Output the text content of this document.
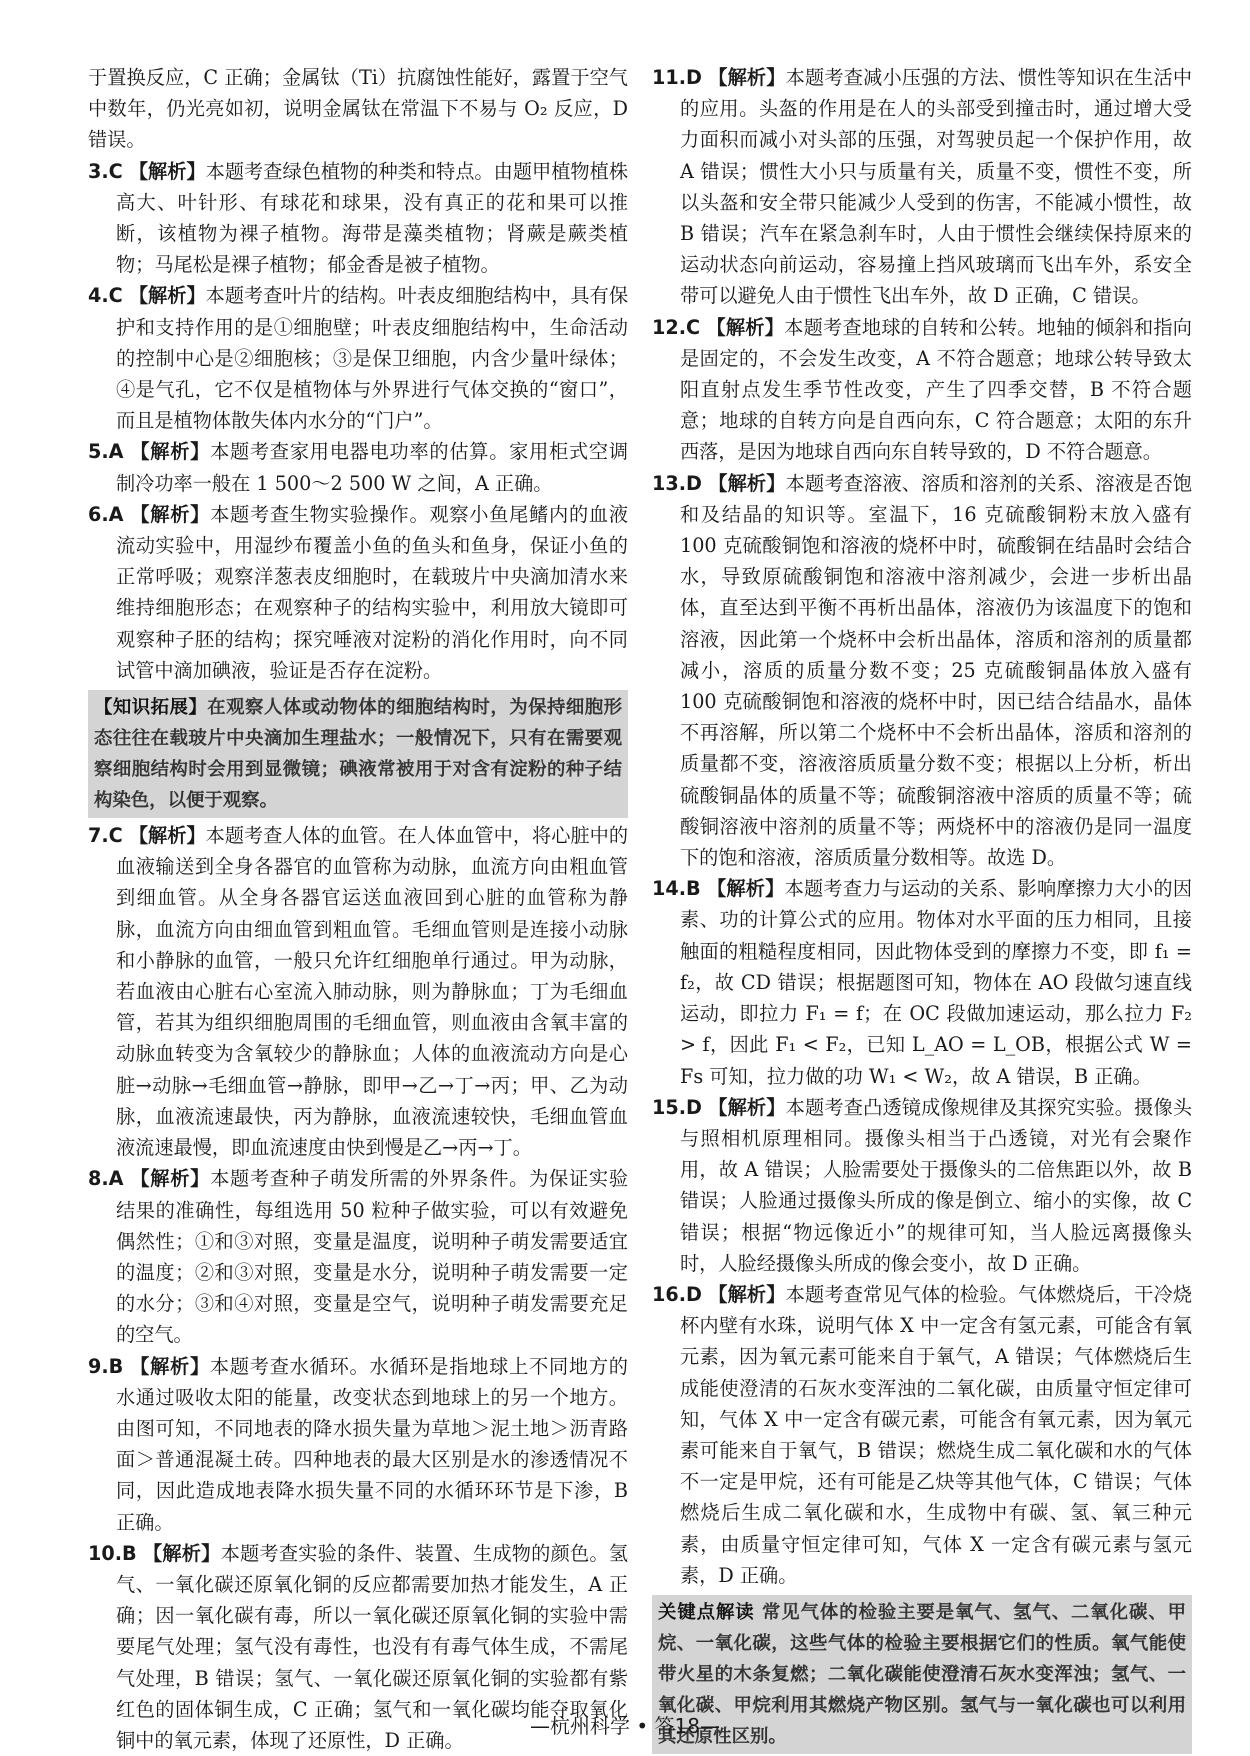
于置换反应，C 正确；金属钛（Ti）抗腐蚀性能好，露置于空气中数年，仍光亮如初，说明金属钛在常温下不易与 O₂ 反应，D 错误。

3.C 【解析】本题考查绿色植物的种类和特点。由题甲植物植株高大、叶针形、有球花和球果，没有真正的花和果可以推断，该植物为裸子植物。海带是藻类植物；肾蕨是蕨类植物；马尾松是裸子植物；郁金香是被子植物。
4.C 【解析】本题考查叶片的结构。叶表皮细胞结构中，具有保护和支持作用的是①细胞壁；叶表皮细胞结构中，生命活动的控制中心是②细胞核；③是保卫细胞，内含少量叶绿体；④是气孔，它不仅是植物体与外界进行气体交换的“窗口”，而且是植物体散失体内水分的“门户”。
5.A 【解析】本题考查家用电器电功率的估算。家用柜式空调制冷功率一般在 1 500～2 500 W 之间，A 正确。
6.A 【解析】本题考查生物实验操作。观察小鱼尾鳍内的血液流动实验中，用湿纱布覆盖小鱼的鱼头和鱼身，保证小鱼的正常呼吸；观察洋葱表皮细胞时，在载玻片中央滴加清水来维持细胞形态；在观察种子的结构实验中，利用放大镜即可观察种子胚的结构；探究唾液对淀粉的消化作用时，向不同试管中滴加碘液，验证是否存在淀粉。
【知识拓展】在观察人体或动物体的细胞结构时，为保持细胞形态往往在载玻片中央滴加生理盐水；一般情况下，只有在需要观察细胞结构时会用到显微镜；碘液常被用于对含有淀粉的种子结构染色，以便于观察。
7.C 【解析】本题考查人体的血管。在人体血管中，将心脏中的血液输送到全身各器官的血管称为动脉，血流方向由粗血管到细血管。从全身各器官运送血液回到心脏的血管称为静脉，血流方向由细血管到粗血管。毛细血管则是连接小动脉和小静脉的血管，一般只允许红细胞单行通过。甲为动脉，若血液由心脏右心室流入肺动脉，则为静脉血；丁为毛细血管，若其为组织细胞周围的毛细血管，则血液由含氧丰富的动脉血转变为含氧较少的静脉血；人体的血液流动方向是心脏→动脉→毛细血管→静脉，即甲→乙→丁→丙；甲、乙为动脉，血液流速最快，丙为静脉，血液流速较快，毛细血管血液流速最慢，即血流速度由快到慢是乙→丙→丁。
8.A 【解析】本题考查种子萌发所需的外界条件。为保证实验结果的准确性，每组选用 50 粒种子做实验，可以有效避免偶然性；①和③对照，变量是温度，说明种子萌发需要适宜的温度；②和③对照，变量是水分，说明种子萌发需要一定的水分；③和④对照，变量是空气，说明种子萌发需要充足的空气。
9.B 【解析】本题考查水循环。水循环是指地球上不同地方的水通过吸收太阳的能量，改变状态到地球上的另一个地方。由图可知，不同地表的降水损失量为草地＞泥土地＞沥青路面＞普通混凝土砖。四种地表的最大区别是水的渗透情况不同，因此造成地表降水损失量不同的水循环环节是下渗，B 正确。
10.B 【解析】本题考查实验的条件、装置、生成物的颜色。氢气、一氧化碳还原氧化铜的反应都需要加热才能发生，A 正确；因一氧化碳有毒，所以一氧化碳还原氧化铜的实验中需要尾气处理；氢气没有毒性，也没有有毒气体生成，不需尾气处理，B 错误；氢气、一氧化碳还原氧化铜的实验都有紫红色的固体铜生成，C 正确；氢气和一氧化碳均能夺取氧化铜中的氧元素，体现了还原性，D 正确。
11.D 【解析】本题考查减小压强的方法、惯性等知识在生活中的应用。头盔的作用是在人的头部受到撞击时，通过增大受力面积而减小对头部的压强，对驾驶员起一个保护作用，故 A 错误；惯性大小只与质量有关，质量不变，惯性不变，所以头盔和安全带只能减少人受到的伤害，不能减小惯性，故 B 错误；汽车在紧急刹车时，人由于惯性会继续保持原来的运动状态向前运动，容易撞上挡风玻璃而飞出车外，系安全带可以避免人由于惯性飞出车外，故 D 正确，C 错误。
12.C 【解析】本题考查地球的自转和公转。地轴的倾斜和指向是固定的，不会发生改变，A 不符合题意；地球公转导致太阳直射点发生季节性改变，产生了四季交替，B 不符合题意；地球的自转方向是自西向东，C 符合题意；太阳的东升西落，是因为地球自西向东自转导致的，D 不符合题意。
13.D 【解析】本题考查溶液、溶质和溶剂的关系、溶液是否饱和及结晶的知识等。室温下，16 克硫酸铜粉末放入盛有 100 克硫酸铜饱和溶液的烧杯中时，硫酸铜在结晶时会结合水，导致原硫酸铜饱和溶液中溶剂减少，会进一步析出晶体，直至达到平衡不再析出晶体，溶液仍为该温度下的饱和溶液，因此第一个烧杯中会析出晶体，溶质和溶剂的质量都减小，溶质的质量分数不变；25 克硫酸铜晶体放入盛有 100 克硫酸铜饱和溶液的烧杯中时，因已结合结晶水，晶体不再溶解，所以第二个烧杯中不会析出晶体，溶质和溶剂的质量都不变，溶液溶质质量分数不变；根据以上分析，析出硫酸铜晶体的质量不等；硫酸铜溶液中溶质的质量不等；硫酸铜溶液中溶剂的质量不等；两烧杯中的溶液仍是同一温度下的饱和溶液，溶质质量分数相等。故选 D。
14.B 【解析】本题考查力与运动的关系、影响摩擦力大小的因素、功的计算公式的应用。物体对水平面的压力相同，且接触面的粗糙程度相同，因此物体受到的摩擦力不变，即 f₁ = f₂，故 CD 错误；根据题图可知，物体在 AO 段做匀速直线运动，即拉力 F₁ = f；在 OC 段做加速运动，那么拉力 F₂ > f，因此 F₁ < F₂，已知 L_AO = L_OB，根据公式 W = Fs 可知，拉力做的功 W₁ < W₂，故 A 错误，B 正确。
15.D 【解析】本题考查凸透镜成像规律及其探究实验。摄像头与照相机原理相同。摄像头相当于凸透镜，对光有会聚作用，故 A 错误；人脸需要处于摄像头的二倍焦距以外，故 B 错误；人脸通过摄像头所成的像是倒立、缩小的实像，故 C 错误；根据“物远像近小”的规律可知，当人脸远离摄像头时，人脸经摄像头所成的像会变小，故 D 正确。
16.D 【解析】本题考查常见气体的检验。气体燃烧后，干冷烧杯内壁有水珠，说明气体 X 中一定含有氢元素，可能含有氧元素，因为氧元素可能来自于氧气，A 错误；气体燃烧后生成能使澄清的石灰水变浑浊的二氧化碳，由质量守恒定律可知，气体 X 中一定含有碳元素，可能含有氧元素，因为氧元素可能来自于氧气，B 错误；燃烧生成二氧化碳和水的气体不一定是甲烷，还有可能是乙炔等其他气体，C 错误；气体燃烧后生成二氧化碳和水，生成物中有碳、氢、氧三种元素，由质量守恒定律可知，气体 X 一定含有碳元素与氢元素，D 正确。
关键点解读 常见气体的检验主要是氧气、氢气、二氧化碳、甲烷、一氧化碳，这些气体的检验主要根据它们的性质。氧气能使带火星的木条复燃；二氧化碳能使澄清石灰水变浑浊；氢气、一氧化碳、甲烷利用其燃烧产物区别。氢气与一氧化碳也可以利用其还原性区别。
—杭州科学 • 答18—
